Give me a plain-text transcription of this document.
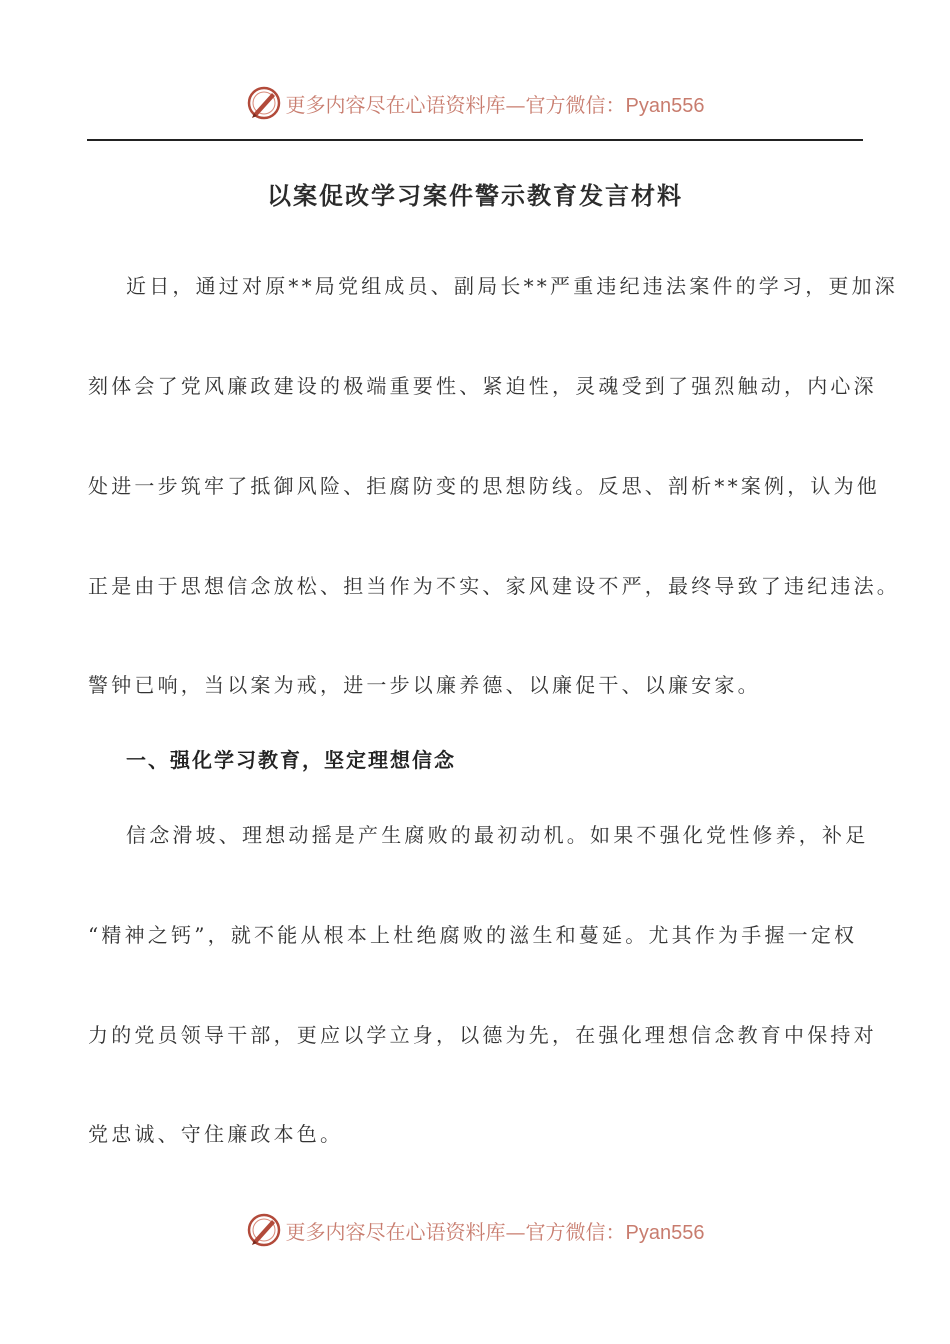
更多内容尽在心语资料库—官方微信：Pyan556
以案促改学习案件警示教育发言材料
近日，通过对原**局党组成员、副局长**严重违纪违法案件的学习，更加深
刻体会了党风廉政建设的极端重要性、紧迫性，灵魂受到了强烈触动，内心深
处进一步筑牢了抵御风险、拒腐防变的思想防线。反思、剖析**案例，认为他
正是由于思想信念放松、担当作为不实、家风建设不严，最终导致了违纪违法。
警钟已响，当以案为戒，进一步以廉养德、以廉促干、以廉安家。
一、强化学习教育，坚定理想信念
信念滑坡、理想动摇是产生腐败的最初动机。如果不强化党性修养，补足
“精神之钙”，就不能从根本上杜绝腐败的滋生和蔓延。尤其作为手握一定权
力的党员领导干部，更应以学立身，以德为先，在强化理想信念教育中保持对
党忠诚、守住廉政本色。
更多内容尽在心语资料库—官方微信：Pyan556
